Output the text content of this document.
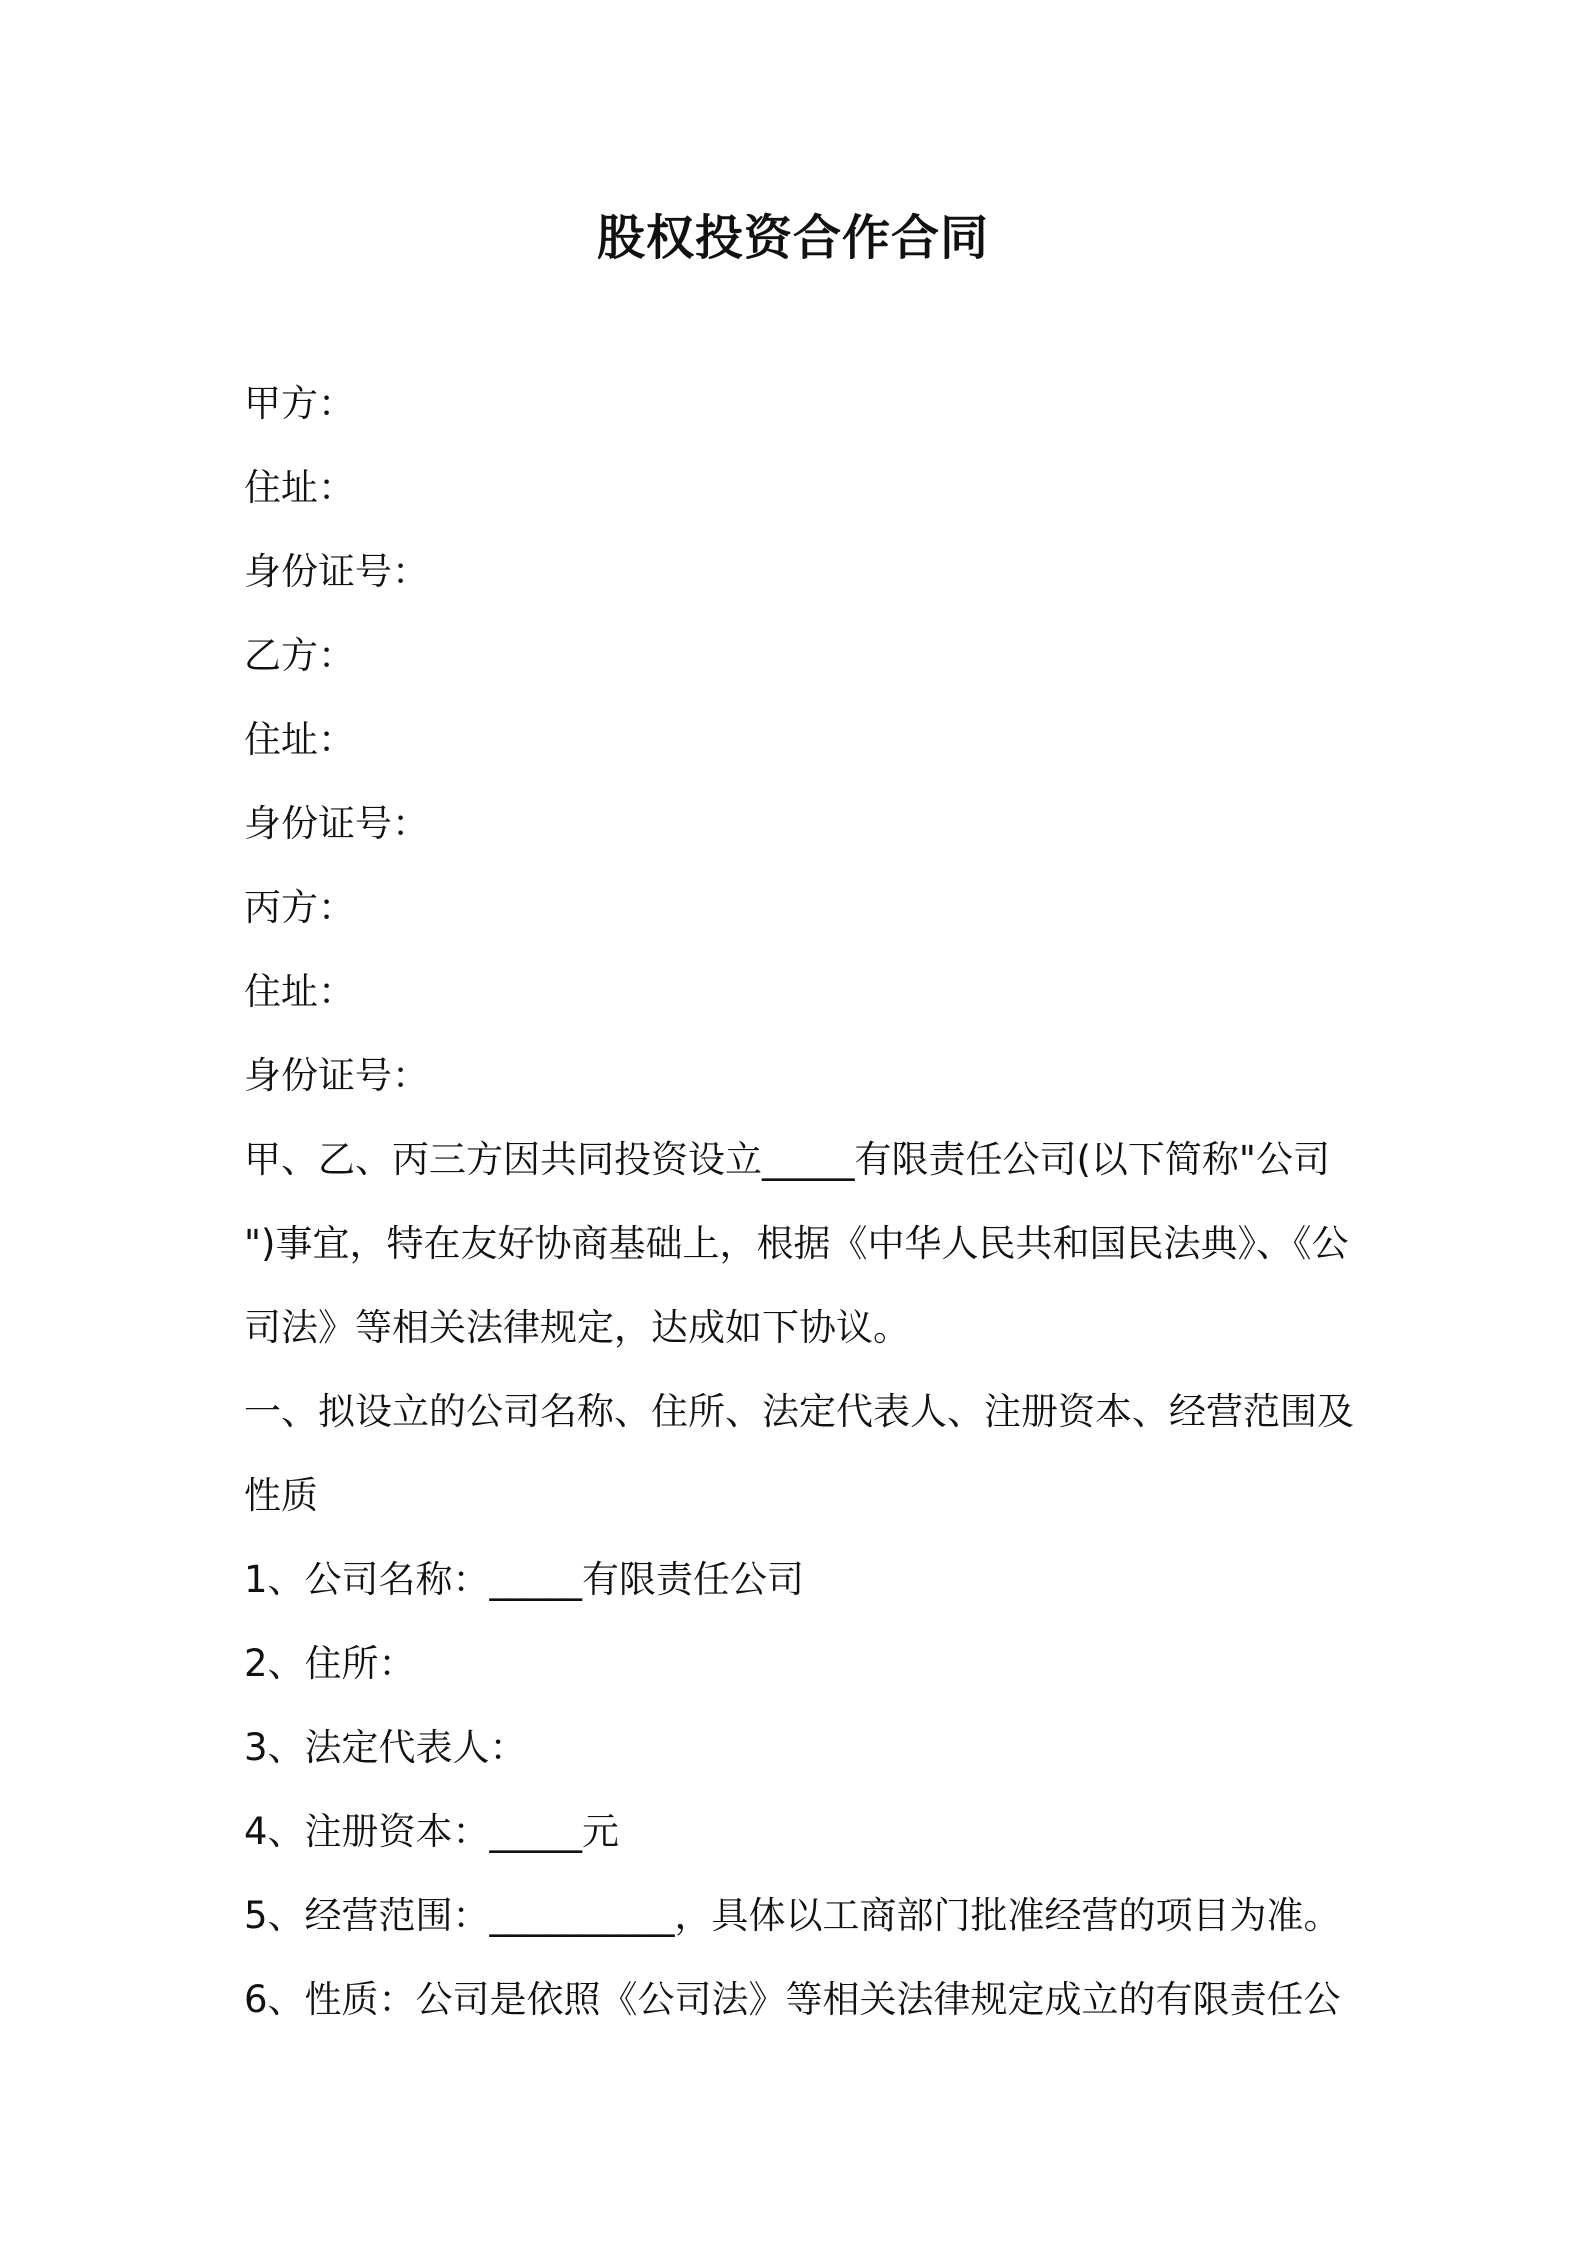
股权投资合作合同
甲方：
住址：
身份证号：
乙方：
住址：
身份证号：
丙方：
住址：
身份证号：
甲、乙、丙三方因共同投资设立_____有限责任公司(以下简称"公司
")事宜，特在友好协商基础上，根据《中华人民共和国民法典》、《公
司法》等相关法律规定，达成如下协议。
一、拟设立的公司名称、住所、法定代表人、注册资本、经营范围及
性质
1、公司名称：_____有限责任公司
2、住所：
3、法定代表人：
4、注册资本：_____元
5、经营范围：__________，具体以工商部门批准经营的项目为准。
6、性质：公司是依照《公司法》等相关法律规定成立的有限责任公
